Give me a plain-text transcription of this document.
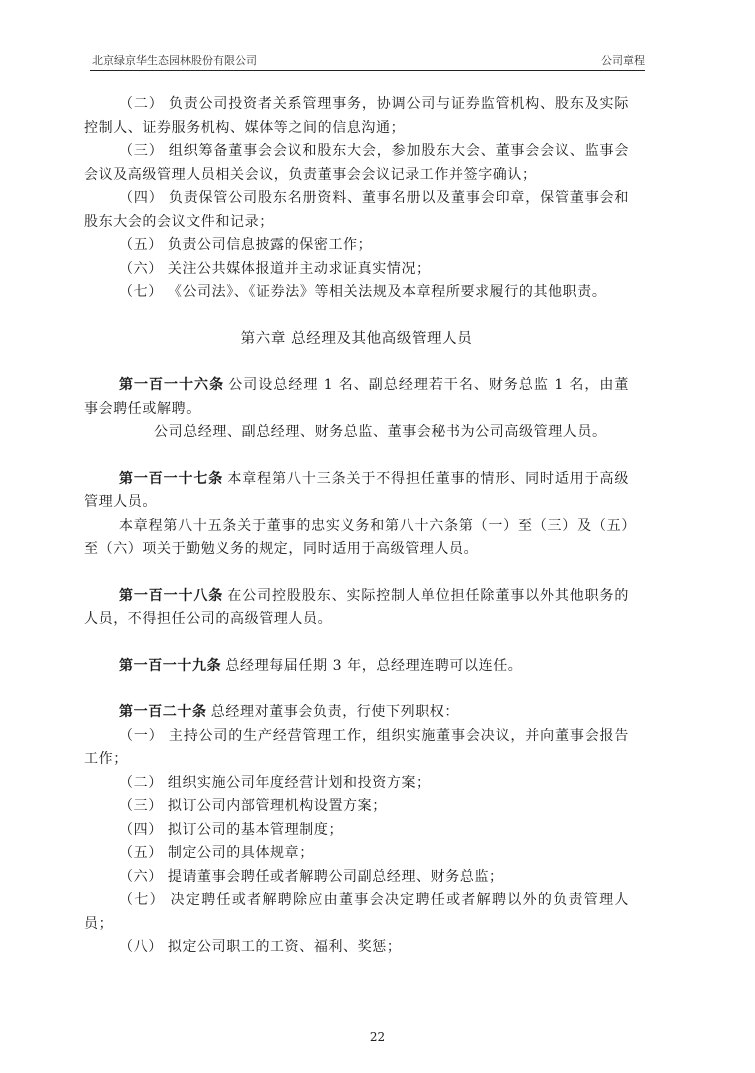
北京绿京华生态园林股份有限公司	公司章程

（二） 负责公司投资者关系管理事务，协调公司与证券监管机构、股东及实际控制人、证券服务机构、媒体等之间的信息沟通；

（三） 组织筹备董事会会议和股东大会，参加股东大会、董事会会议、监事会会议及高级管理人员相关会议，负责董事会会议记录工作并签字确认；

（四） 负责保管公司股东名册资料、董事名册以及董事会印章，保管董事会和股东大会的会议文件和记录；

（五） 负责公司信息披露的保密工作；

（六） 关注公共媒体报道并主动求证真实情况；

（七） 《公司法》、《证券法》等相关法规及本章程所要求履行的其他职责。

第六章 总经理及其他高级管理人员

第一百一十六条 公司设总经理 1 名、副总经理若干名、财务总监 1 名，由董事会聘任或解聘。

公司总经理、副总经理、财务总监、董事会秘书为公司高级管理人员。

第一百一十七条 本章程第八十三条关于不得担任董事的情形、同时适用于高级管理人员。

本章程第八十五条关于董事的忠实义务和第八十六条第（一）至（三）及（五）至（六）项关于勤勉义务的规定，同时适用于高级管理人员。

第一百一十八条 在公司控股股东、实际控制人单位担任除董事以外其他职务的人员，不得担任公司的高级管理人员。

第一百一十九条 总经理每届任期 3 年，总经理连聘可以连任。

第一百二十条 总经理对董事会负责，行使下列职权：

（一） 主持公司的生产经营管理工作，组织实施董事会决议，并向董事会报告工作；

（二） 组织实施公司年度经营计划和投资方案；

（三） 拟订公司内部管理机构设置方案；

（四） 拟订公司的基本管理制度；

（五） 制定公司的具体规章；

（六） 提请董事会聘任或者解聘公司副总经理、财务总监；

（七） 决定聘任或者解聘除应由董事会决定聘任或者解聘以外的负责管理人员；

（八） 拟定公司职工的工资、福利、奖惩；

22
